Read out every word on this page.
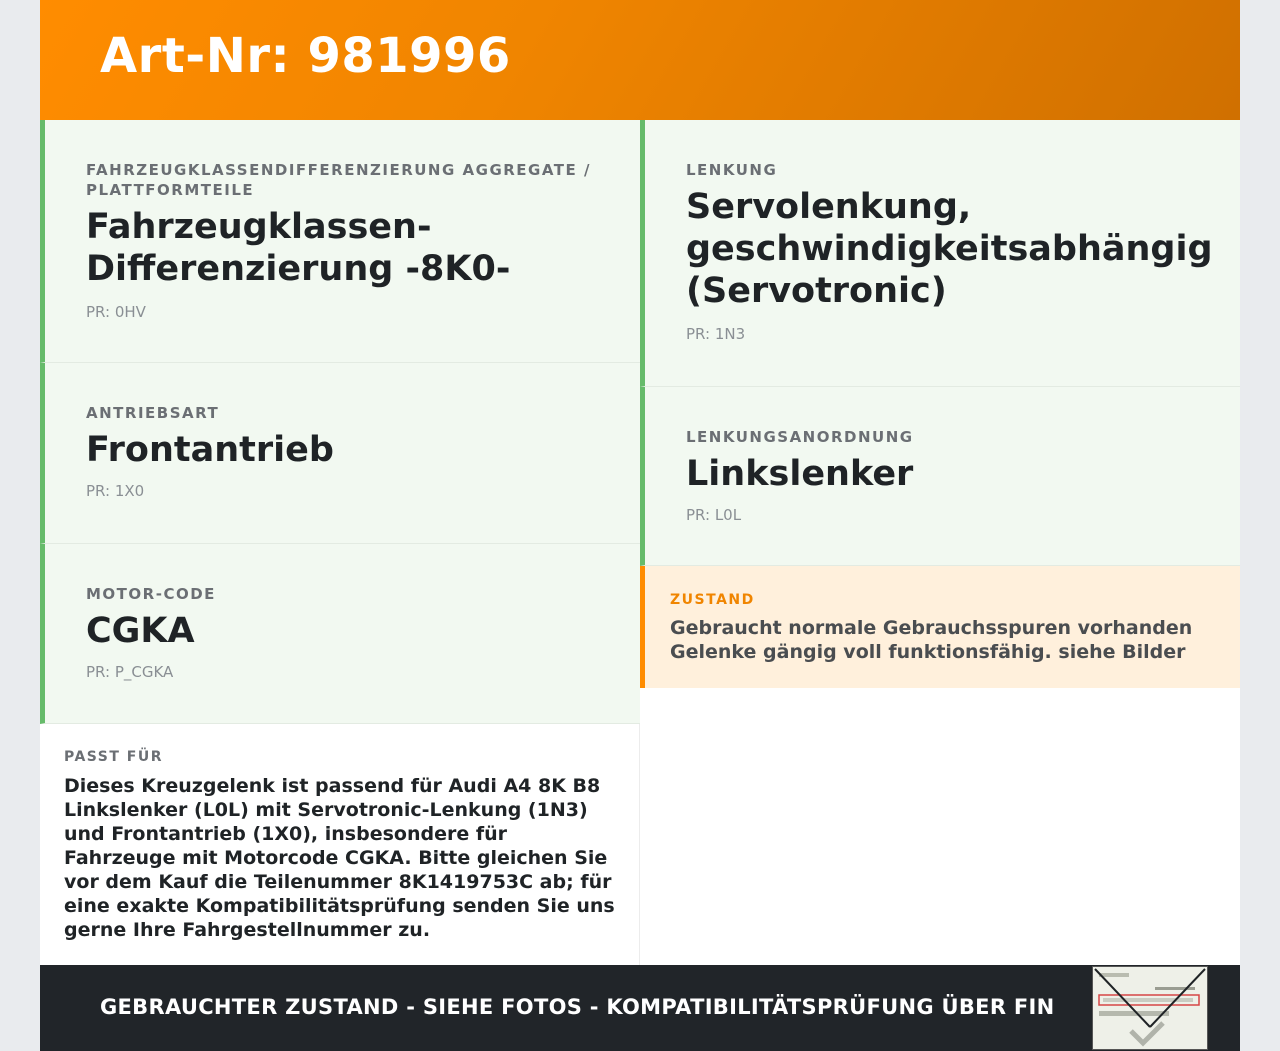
Art-Nr: 981996
FAHRZEUGKLASSENDIFFERENZIERUNG AGGREGATE / PLATTFORMTEILE
Fahrzeugklassen-Differenzierung -8K0-
PR: 0HV
ANTRIEBSART
Frontantrieb
PR: 1X0
MOTOR-CODE
CGKA
PR: P_CGKA
LENKUNG
Servolenkung, geschwindigkeitsabhängig (Servotronic)
PR: 1N3
LENKUNGSANORDNUNG
Linkslenker
PR: L0L
ZUSTAND
Gebraucht normale Gebrauchsspuren vorhanden Gelenke gängig voll funktionsfähig. siehe Bilder
PASST FÜR
Dieses Kreuzgelenk ist passend für Audi A4 8K B8 Linkslenker (L0L) mit Servotronic-Lenkung (1N3) und Frontantrieb (1X0), insbesondere für Fahrzeuge mit Motorcode CGKA. Bitte gleichen Sie vor dem Kauf die Teilenummer 8K1419753C ab; für eine exakte Kompatibilitätsprüfung senden Sie uns gerne Ihre Fahrgestellnummer zu.
GEBRAUCHTER ZUSTAND - SIEHE FOTOS - KOMPATIBILITÄTSPRÜFUNG ÜBER FIN
